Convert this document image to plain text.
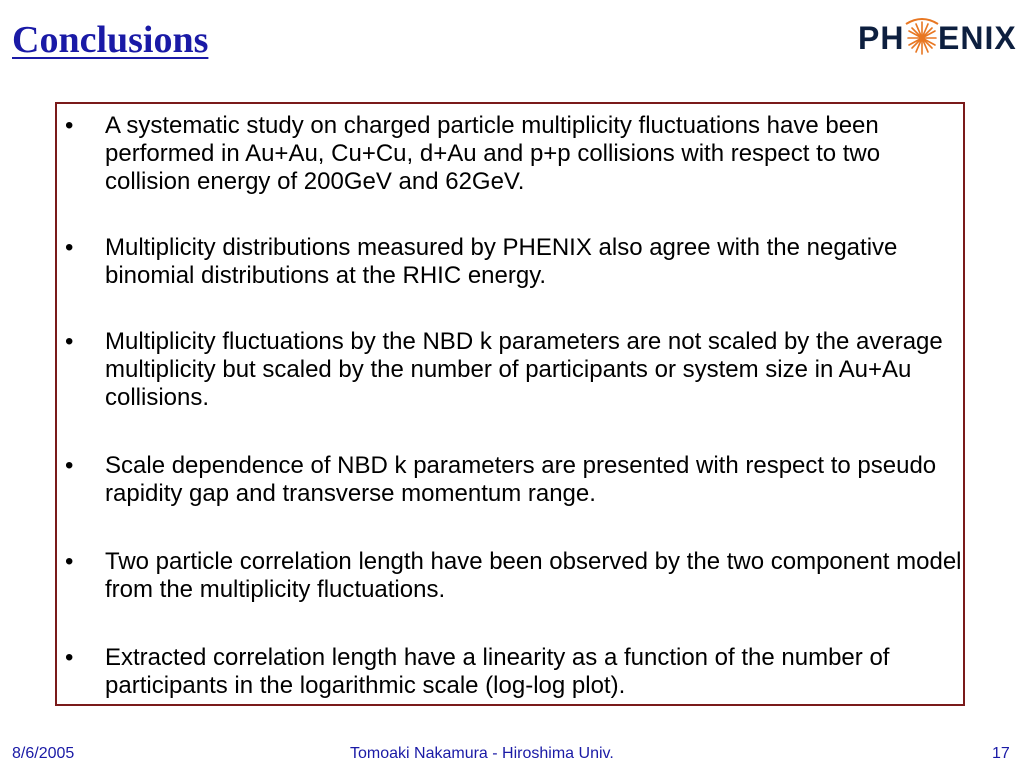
Conclusions	PH ENIX
• A systematic study on charged particle multiplicity fluctuations have been performed in Au+Au, Cu+Cu, d+Au and p+p collisions with respect to two collision energy of 200GeV and 62GeV.
• Multiplicity distributions measured by PHENIX also agree with the negative binomial distributions at the RHIC energy.
• Multiplicity fluctuations by the NBD k parameters are not scaled by the average multiplicity but scaled by the number of participants or system size in Au+Au collisions.
• Scale dependence of NBD k parameters are presented with respect to pseudo rapidity gap and transverse momentum range.
• Two particle correlation length have been observed by the two component model from the multiplicity fluctuations.
• Extracted correlation length have a linearity as a function of the number of participants in the logarithmic scale (log-log plot).
8/6/2005	Tomoaki Nakamura - Hiroshima Univ.	17
